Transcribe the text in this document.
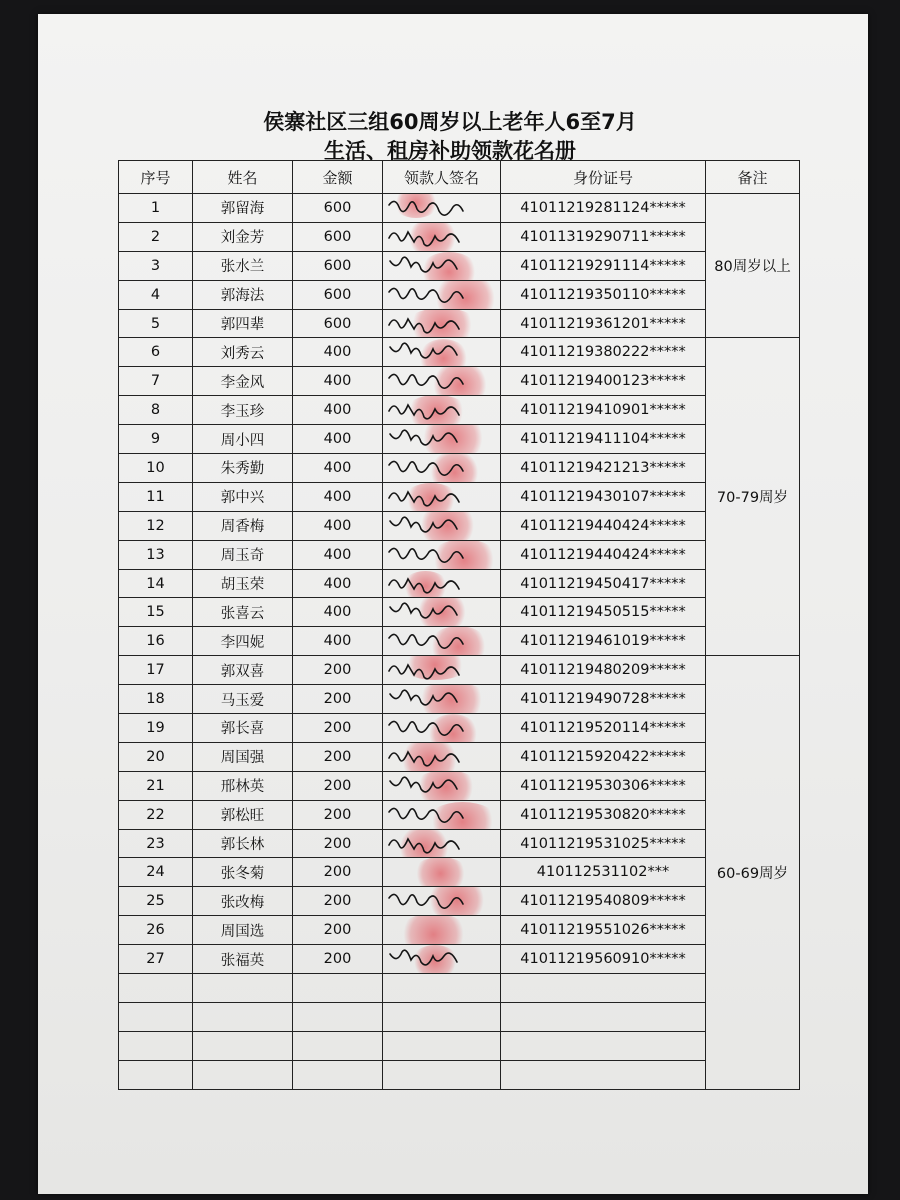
侯寨社区三组60周岁以上老年人6至7月
生活、租房补助领款花名册
序号	姓名	金额	领款人签名	身份证号	备注	
1	郭留海	600		41011219281124*****	80周岁以上	
2	刘金芳	600		41011319290711*****		
3	张水兰	600		41011219291114*****		
4	郭海法	600		41011219350110*****		
5	郭四辈	600		41011219361201*****		
6	刘秀云	400		41011219380222*****	70-79周岁	
7	李金风	400		41011219400123*****		
8	李玉珍	400		41011219410901*****		
9	周小四	400		41011219411104*****		
10	朱秀勤	400		41011219421213*****		
11	郭中兴	400		41011219430107*****		
12	周香梅	400		41011219440424*****		
13	周玉奇	400		41011219440424*****		
14	胡玉荣	400		41011219450417*****		
15	张喜云	400		41011219450515*****		
16	李四妮	400		41011219461019*****		
17	郭双喜	200		41011219480209*****	60-69周岁	
18	马玉爱	200		41011219490728*****		
19	郭长喜	200		41011219520114*****		
20	周国强	200		41011215920422*****		
21	邢林英	200		41011219530306*****		
22	郭松旺	200		41011219530820*****		
23	郭长林	200		41011219531025*****		
24	张冬菊	200		410112531102***		
25	张改梅	200		41011219540809*****		
26	周国选	200		41011219551026*****		
27	张福英	200		41011219560910*****		
